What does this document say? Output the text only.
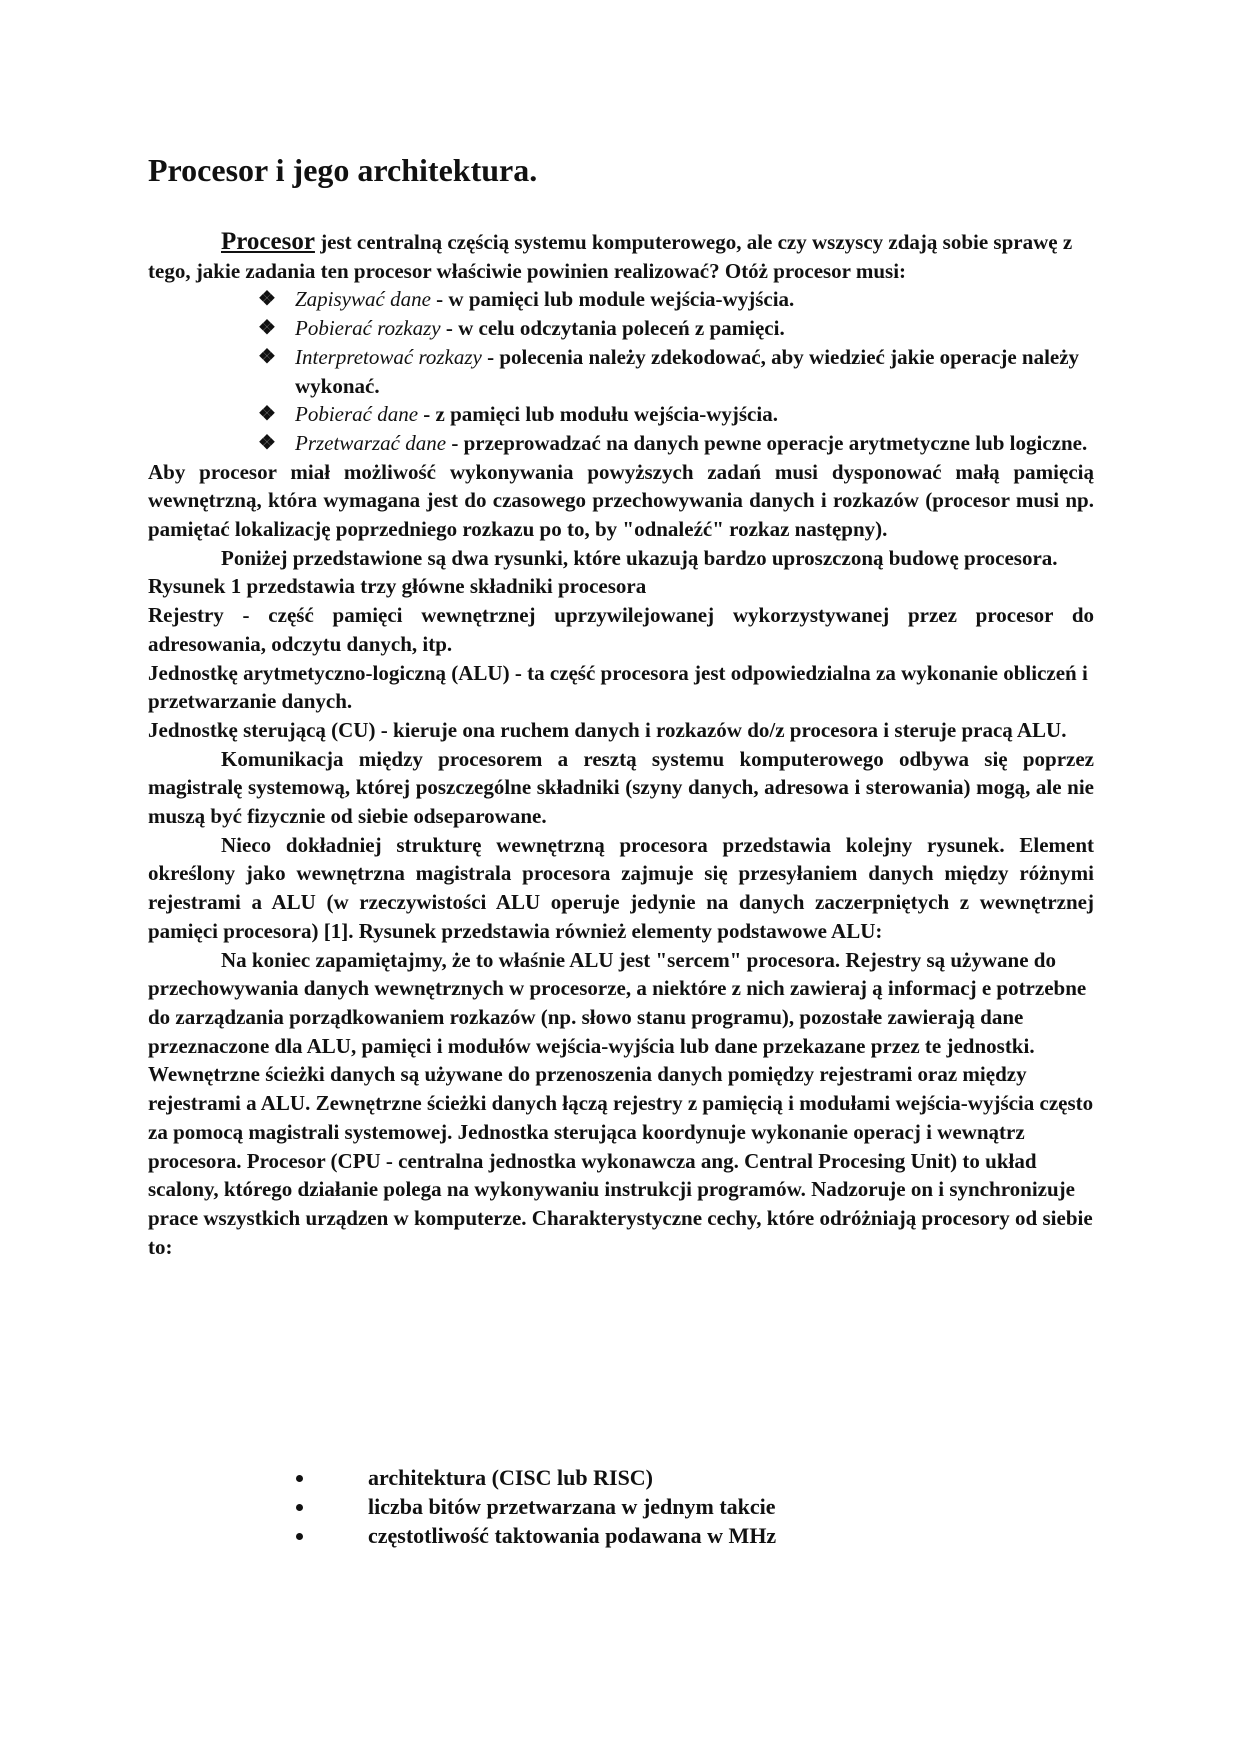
Procesor i jego architektura.

Procesor jest centralną częścią systemu komputerowego, ale czy wszyscy zdają sobie sprawę z tego, jakie zadania ten procesor właściwie powinien realizować? Otóż procesor musi:

❖ Zapisywać dane - w pamięci lub module wejścia-wyjścia.
❖ Pobierać rozkazy - w celu odczytania poleceń z pamięci.
❖ Interpretować rozkazy - polecenia należy zdekodować, aby wiedzieć jakie operacje należy wykonać.
❖ Pobierać dane - z pamięci lub modułu wejścia-wyjścia.
❖ Przetwarzać dane - przeprowadzać na danych pewne operacje arytmetyczne lub logiczne.

Aby procesor miał możliwość wykonywania powyższych zadań musi dysponować małą pamięcią wewnętrzną, która wymagana jest do czasowego przechowywania danych i rozkazów (procesor musi np. pamiętać lokalizację poprzedniego rozkazu po to, by "odnaleźć" rozkaz następny).

Poniżej przedstawione są dwa rysunki, które ukazują bardzo uproszczoną budowę procesora. Rysunek 1 przedstawia trzy główne składniki procesora

Rejestry - część pamięci wewnętrznej uprzywilejowanej wykorzystywanej przez procesor do adresowania, odczytu danych, itp.

Jednostkę arytmetyczno-logiczną (ALU) - ta część procesora jest odpowiedzialna za wykonanie obliczeń i przetwarzanie danych.

Jednostkę sterującą (CU) - kieruje ona ruchem danych i rozkazów do/z procesora i steruje pracą ALU.

Komunikacja między procesorem a resztą systemu komputerowego odbywa się poprzez magistralę systemową, której poszczególne składniki (szyny danych, adresowa i sterowania) mogą, ale nie muszą być fizycznie od siebie odseparowane.

Nieco dokładniej strukturę wewnętrzną procesora przedstawia kolejny rysunek. Element określony jako wewnętrzna magistrala procesora zajmuje się przesyłaniem danych między różnymi rejestrami a ALU (w rzeczywistości ALU operuje jedynie na danych zaczerpniętych z wewnętrznej pamięci procesora) [1]. Rysunek przedstawia również elementy podstawowe ALU:

Na koniec zapamiętajmy, że to właśnie ALU jest "sercem" procesora. Rejestry są używane do przechowywania danych wewnętrznych w procesorze, a niektóre z nich zawieraj ą informacj e potrzebne do zarządzania porządkowaniem rozkazów (np. słowo stanu programu), pozostałe zawierają dane przeznaczone dla ALU, pamięci i modułów wejścia-wyjścia lub dane przekazane przez te jednostki. Wewnętrzne ścieżki danych są używane do przenoszenia danych pomiędzy rejestrami oraz między rejestrami a ALU. Zewnętrzne ścieżki danych łączą rejestry z pamięcią i modułami wejścia-wyjścia często za pomocą magistrali systemowej. Jednostka sterująca koordynuje wykonanie operacj i wewnątrz procesora. Procesor (CPU - centralna jednostka wykonawcza ang. Central Procesing Unit) to układ scalony, którego działanie polega na wykonywaniu instrukcji programów. Nadzoruje on i synchronizuje prace wszystkich urządzen w komputerze. Charakterystyczne cechy, które odróżniają procesory od siebie to:

architektura (CISC lub RISC)
liczba bitów przetwarzana w jednym takcie
częstotliwość taktowania podawana w MHz
